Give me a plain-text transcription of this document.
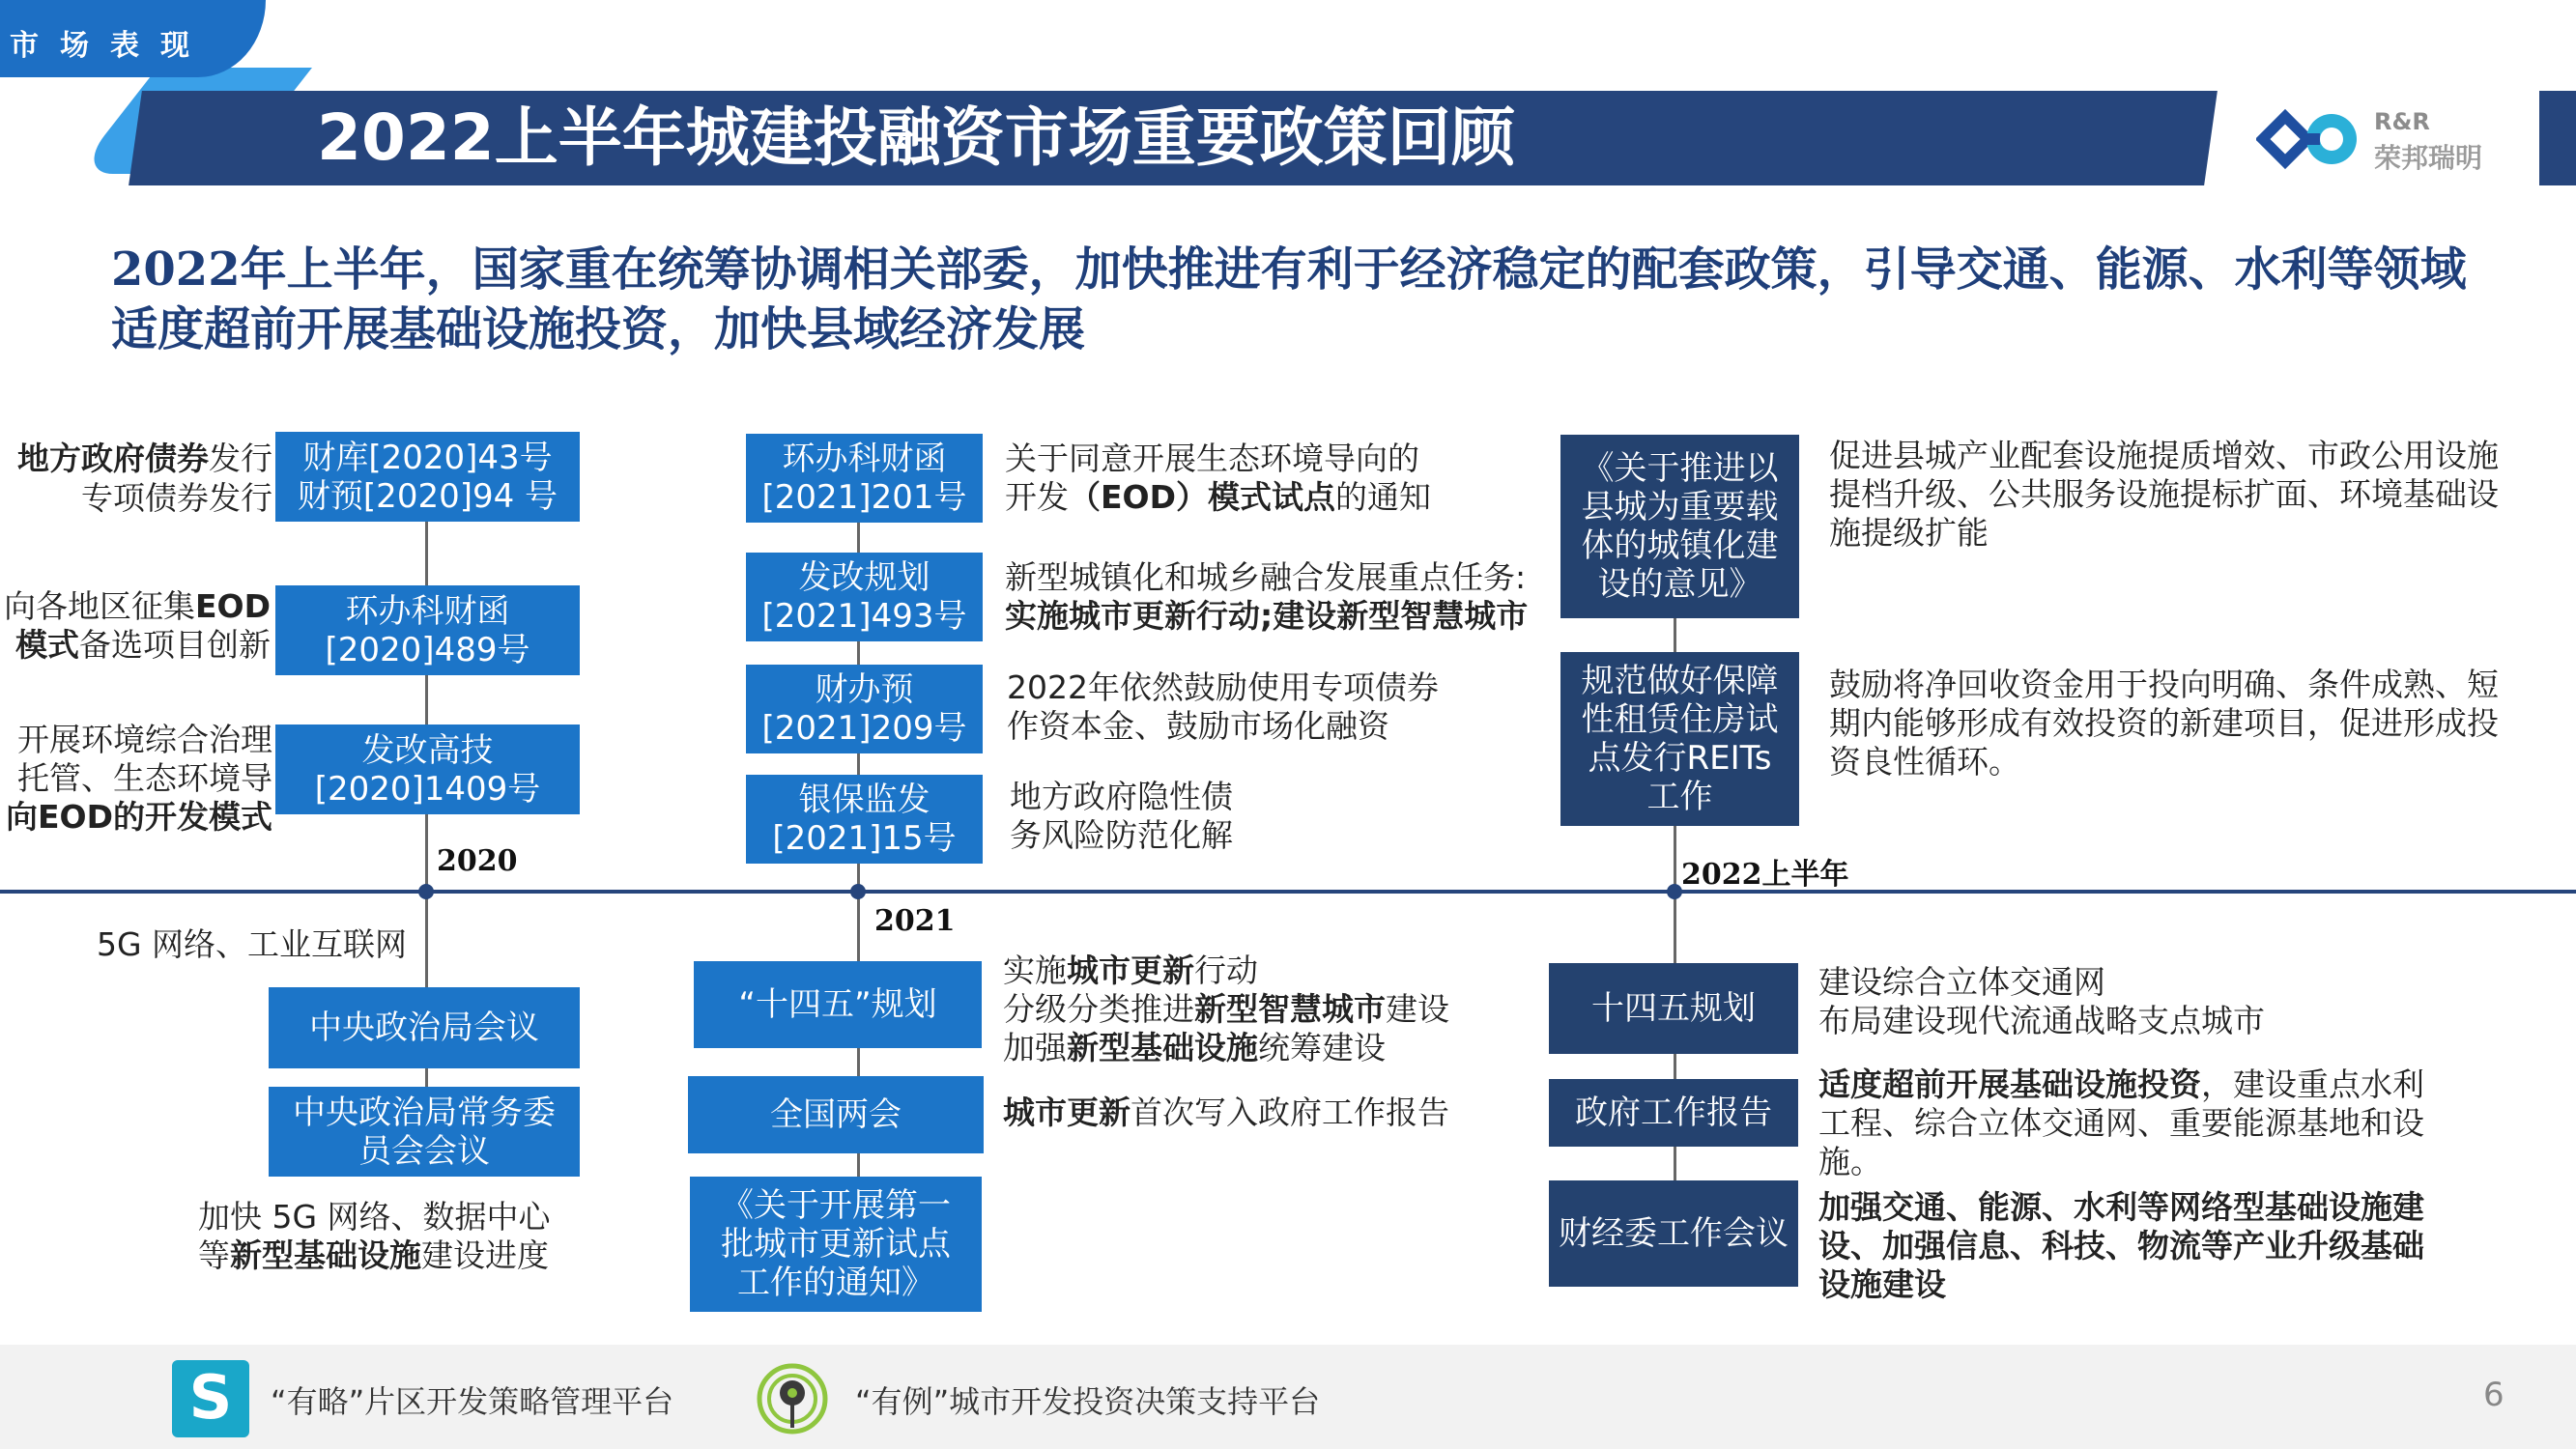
市场表现
2022上半年城建投融资市场重要政策回顾	R&R
荣邦瑞明
2022年上半年，国家重在统筹协调相关部委，加快推进有利于经济稳定的配套政策，引导交通、能源、水利等领域适度超前开展基础设施投资，加快县域经济发展
2020
2021
2022上半年
财库[2020]43号
财预[2020]94 号
地方政府债券发行
专项债券发行
环办科财函
[2020]489号
向各地区征集EOD
模式备选项目创新
发改高技
[2020]1409号
开展环境综合治理
托管、生态环境导
向EOD的开发模式
5G 网络、工业互联网
中央政治局会议
中央政治局常务委
员会会议
加快 5G 网络、数据中心
等新型基础设施建设进度
环办科财函
[2021]201号
关于同意开展生态环境导向的
开发（EOD）模式试点的通知
发改规划
[2021]493号
新型城镇化和城乡融合发展重点任务:
实施城市更新行动;建设新型智慧城市
财办预
[2021]209号
2022年依然鼓励使用专项债券
作资本金、鼓励市场化融资
银保监发
[2021]15号
地方政府隐性债
务风险防范化解
“十四五”规划
实施城市更新行动
分级分类推进新型智慧城市建设
加强新型基础设施统筹建设
全国两会	城市更新首次写入政府工作报告
《关于开展第一
批城市更新试点
工作的通知》
《关于推进以
县城为重要载
体的城镇化建
设的意见》
促进县城产业配套设施提质增效、市政公用设施提档升级、公共服务设施提标扩面、环境基础设施提级扩能
规范做好保障
性租赁住房试
点发行REITs
工作
鼓励将净回收资金用于投向明确、条件成熟、短期内能够形成有效投资的新建项目，促进形成投资良性循环。
十四五规划
建设综合立体交通网
布局建设现代流通战略支点城市
政府工作报告
适度超前开展基础设施投资，建设重点水利工程、综合立体交通网、重要能源基地和设施。
财经委工作会议
加强交通、能源、水利等网络型基础设施建设、加强信息、科技、物流等产业升级基础设施建设
S	“有略”片区开发策略管理平台	“有例”城市开发投资决策支持平台	6
